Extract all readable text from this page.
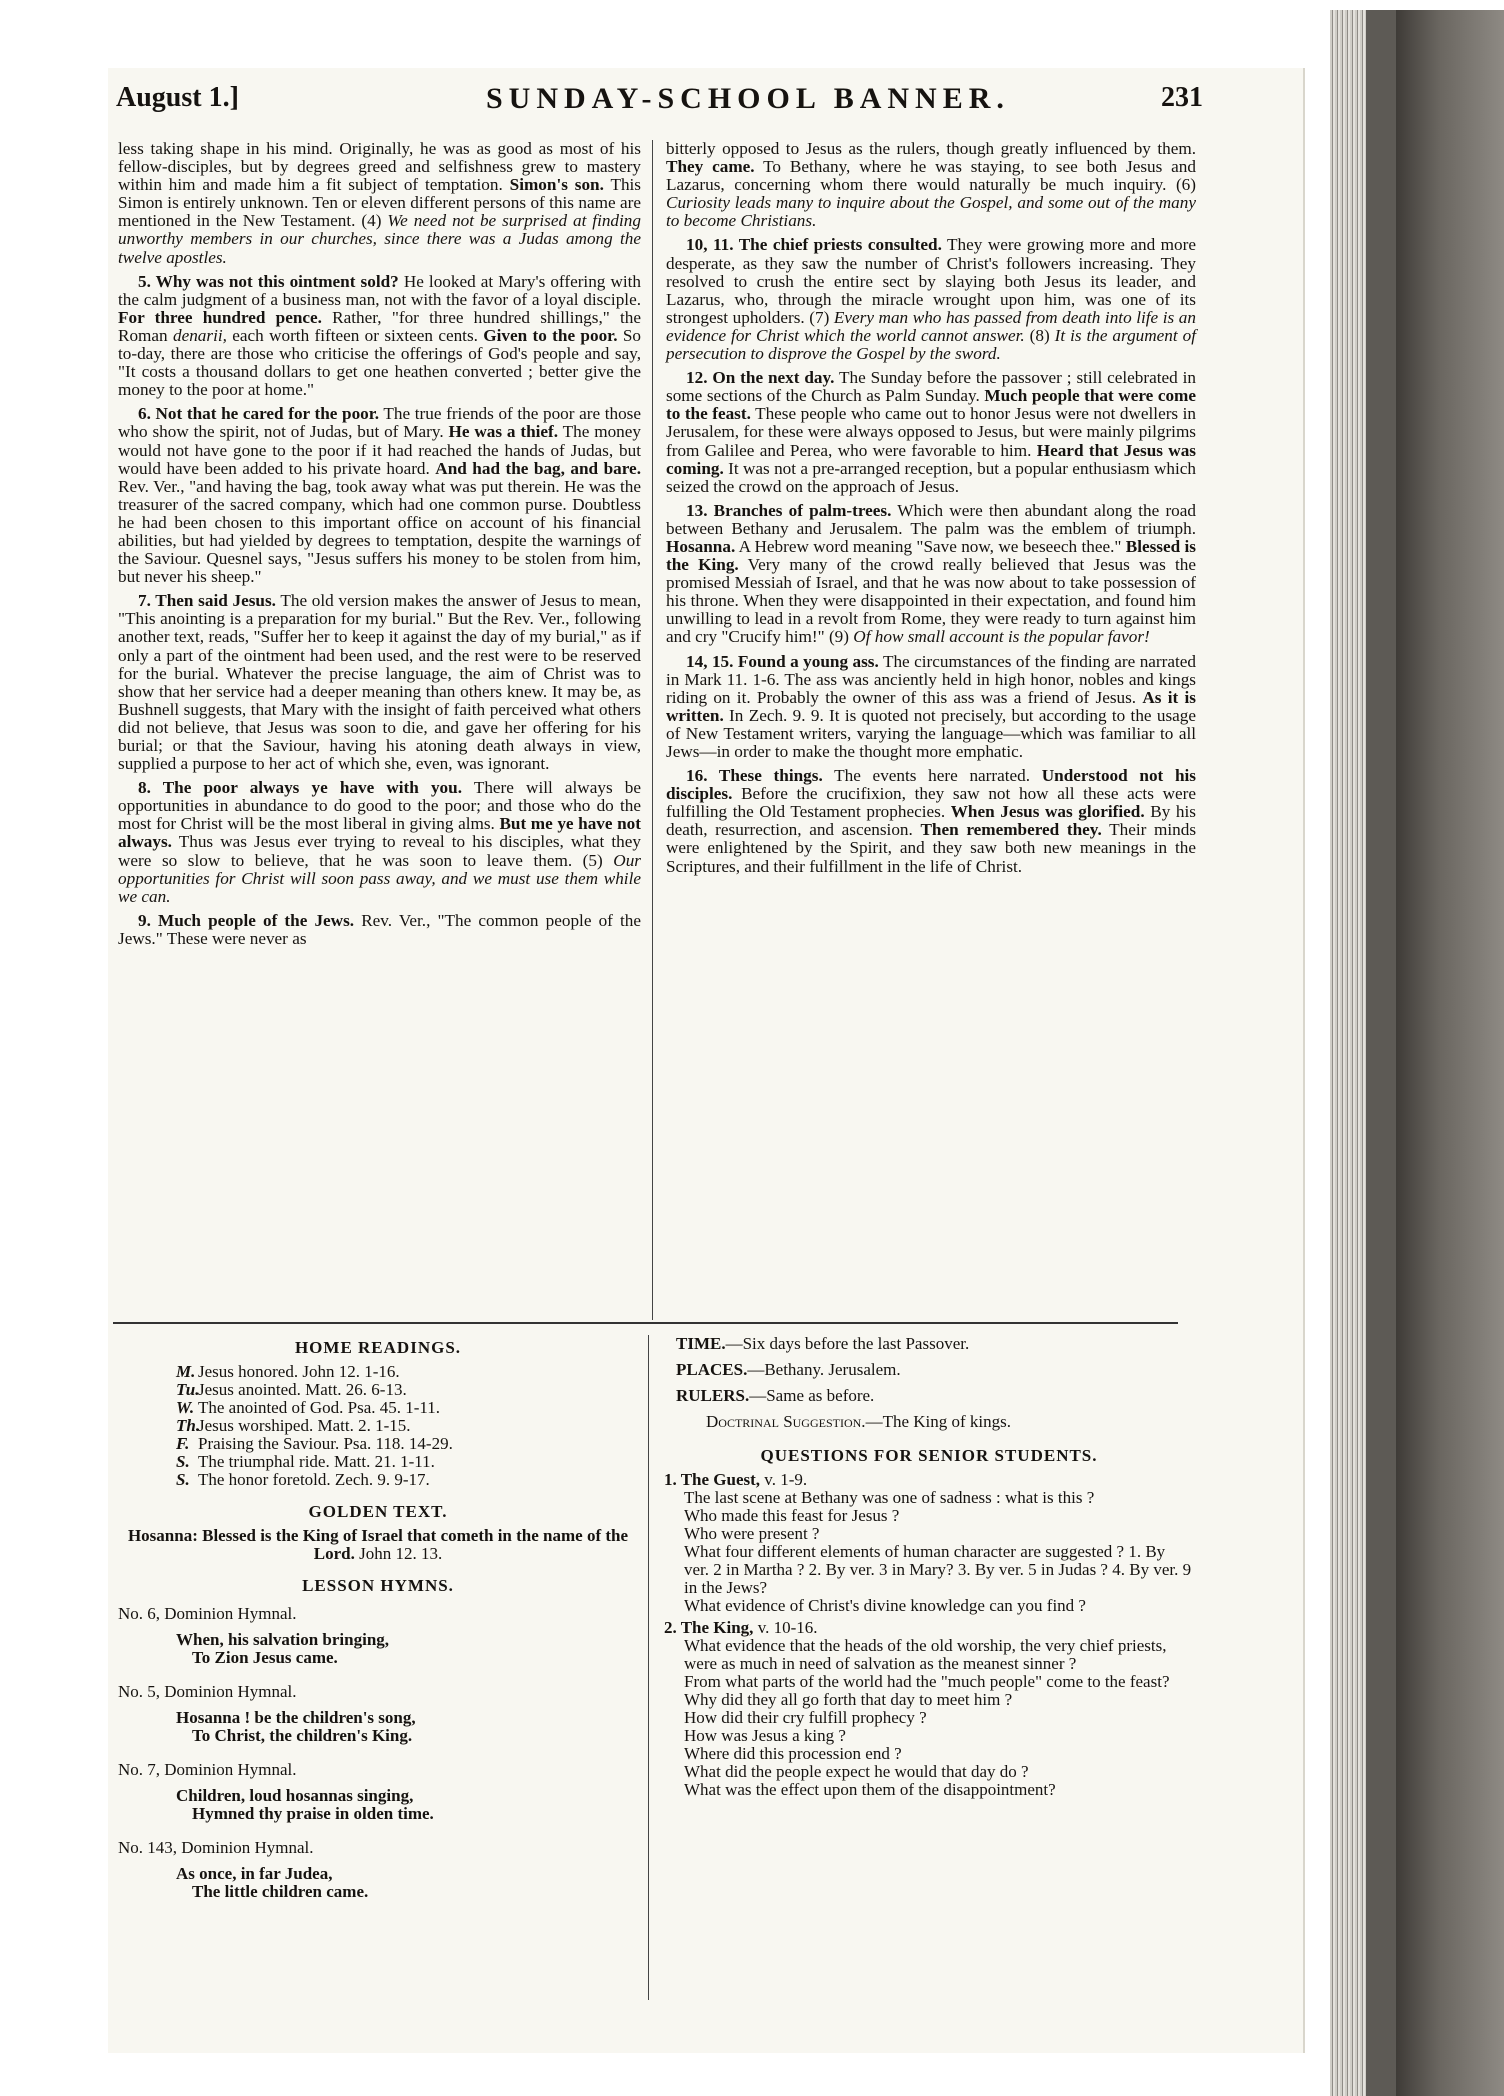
August 1.]	SUNDAY-SCHOOL BANNER.	231

less taking shape in his mind. Originally, he was as good as most of his fellow-disciples, but by degrees greed and selfishness grew to mastery within him and made him a fit subject of temptation. Simon's son. This Simon is entirely unknown. Ten or eleven different persons of this name are mentioned in the New Testament. (4) We need not be surprised at finding unworthy members in our churches, since there was a Judas among the twelve apostles.

5. Why was not this ointment sold? He looked at Mary's offering with the calm judgment of a business man, not with the favor of a loyal disciple. For three hundred pence. Rather, "for three hundred shillings," the Roman denarii, each worth fifteen or sixteen cents. Given to the poor. So to-day, there are those who criticise the offerings of God's people and say, "It costs a thousand dollars to get one heathen converted ; better give the money to the poor at home."

6. Not that he cared for the poor. The true friends of the poor are those who show the spirit, not of Judas, but of Mary. He was a thief. The money would not have gone to the poor if it had reached the hands of Judas, but would have been added to his private hoard. And had the bag, and bare. Rev. Ver., "and having the bag, took away what was put therein. He was the treasurer of the sacred company, which had one common purse. Doubtless he had been chosen to this important office on account of his financial abilities, but had yielded by degrees to temptation, despite the warnings of the Saviour. Quesnel says, "Jesus suffers his money to be stolen from him, but never his sheep."

7. Then said Jesus. The old version makes the answer of Jesus to mean, "This anointing is a preparation for my burial." But the Rev. Ver., following another text, reads, "Suffer her to keep it against the day of my burial," as if only a part of the ointment had been used, and the rest were to be reserved for the burial. Whatever the precise language, the aim of Christ was to show that her service had a deeper meaning than others knew. It may be, as Bushnell suggests, that Mary with the insight of faith perceived what others did not believe, that Jesus was soon to die, and gave her offering for his burial; or that the Saviour, having his atoning death always in view, supplied a purpose to her act of which she, even, was ignorant.

8. The poor always ye have with you. There will always be opportunities in abundance to do good to the poor; and those who do the most for Christ will be the most liberal in giving alms. But me ye have not always. Thus was Jesus ever trying to reveal to his disciples, what they were so slow to believe, that he was soon to leave them. (5) Our opportunities for Christ will soon pass away, and we must use them while we can.

9. Much people of the Jews. Rev. Ver., "The common people of the Jews." These were never as

bitterly opposed to Jesus as the rulers, though greatly influenced by them. They came. To Bethany, where he was staying, to see both Jesus and Lazarus, concerning whom there would naturally be much inquiry. (6) Curiosity leads many to inquire about the Gospel, and some out of the many to become Christians.

10, 11. The chief priests consulted. They were growing more and more desperate, as they saw the number of Christ's followers increasing. They resolved to crush the entire sect by slaying both Jesus its leader, and Lazarus, who, through the miracle wrought upon him, was one of its strongest upholders. (7) Every man who has passed from death into life is an evidence for Christ which the world cannot answer. (8) It is the argument of persecution to disprove the Gospel by the sword.

12. On the next day. The Sunday before the passover ; still celebrated in some sections of the Church as Palm Sunday. Much people that were come to the feast. These people who came out to honor Jesus were not dwellers in Jerusalem, for these were always opposed to Jesus, but were mainly pilgrims from Galilee and Perea, who were favorable to him. Heard that Jesus was coming. It was not a pre-arranged reception, but a popular enthusiasm which seized the crowd on the approach of Jesus.

13. Branches of palm-trees. Which were then abundant along the road between Bethany and Jerusalem. The palm was the emblem of triumph. Hosanna. A Hebrew word meaning "Save now, we beseech thee." Blessed is the King. Very many of the crowd really believed that Jesus was the promised Messiah of Israel, and that he was now about to take possession of his throne. When they were disappointed in their expectation, and found him unwilling to lead in a revolt from Rome, they were ready to turn against him and cry "Crucify him!" (9) Of how small account is the popular favor!

14, 15. Found a young ass. The circumstances of the finding are narrated in Mark 11. 1-6. The ass was anciently held in high honor, nobles and kings riding on it. Probably the owner of this ass was a friend of Jesus. As it is written. In Zech. 9. 9. It is quoted not precisely, but according to the usage of New Testament writers, varying the language—which was familiar to all Jews—in order to make the thought more emphatic.

16. These things. The events here narrated. Understood not his disciples. Before the crucifixion, they saw not how all these acts were fulfilling the Old Testament prophecies. When Jesus was glorified. By his death, resurrection, and ascension. Then remembered they. Their minds were enlightened by the Spirit, and they saw both new meanings in the Scriptures, and their fulfillment in the life of Christ.

HOME READINGS.
M. Jesus honored. John 12. 1-16.
Tu.
Jesus anointed. Matt. 26. 6-13.
W. The anointed of God. Psa. 45. 1-11.
Th.
Jesus worshiped. Matt. 2. 1-15.
F. Praising the Saviour. Psa. 118. 14-29.
S. The triumphal ride. Matt. 21. 1-11.
S. The honor foretold. Zech. 9. 9-17.
GOLDEN TEXT.
Hosanna: Blessed is the King of Israel that cometh in the name of the Lord. John 12. 13.
LESSON HYMNS.
No. 6, Dominion Hymnal.
When, his salvation bringing,
To Zion Jesus came.
No. 5, Dominion Hymnal.
Hosanna ! be the children's song,
To Christ, the children's King.
No. 7, Dominion Hymnal.
Children, loud hosannas singing,
Hymned thy praise in olden time.
No. 143, Dominion Hymnal.
As once, in far Judea,
The little children came.
TIME.—Six days before the last Passover.
PLACES.—Bethany. Jerusalem.
RULERS.—Same as before.
Doctrinal Suggestion.—The King of kings.
QUESTIONS FOR SENIOR STUDENTS.
1. The Guest, v. 1-9.
The last scene at Bethany was one of sadness : what is this ?
Who made this feast for Jesus ?
Who were present ?
What four different elements of human character are suggested ? 1. By ver. 2 in Martha ? 2. By ver. 3 in Mary? 3. By ver. 5 in Judas ? 4. By ver. 9 in the Jews?
What evidence of Christ's divine knowledge can you find ?
2. The King, v. 10-16.
What evidence that the heads of the old worship, the very chief priests, were as much in need of salvation as the meanest sinner ?
From what parts of the world had the "much people" come to the feast?
Why did they all go forth that day to meet him ?
How did their cry fulfill prophecy ?
How was Jesus a king ?
Where did this procession end ?
What did the people expect he would that day do ?
What was the effect upon them of the disappointment?
